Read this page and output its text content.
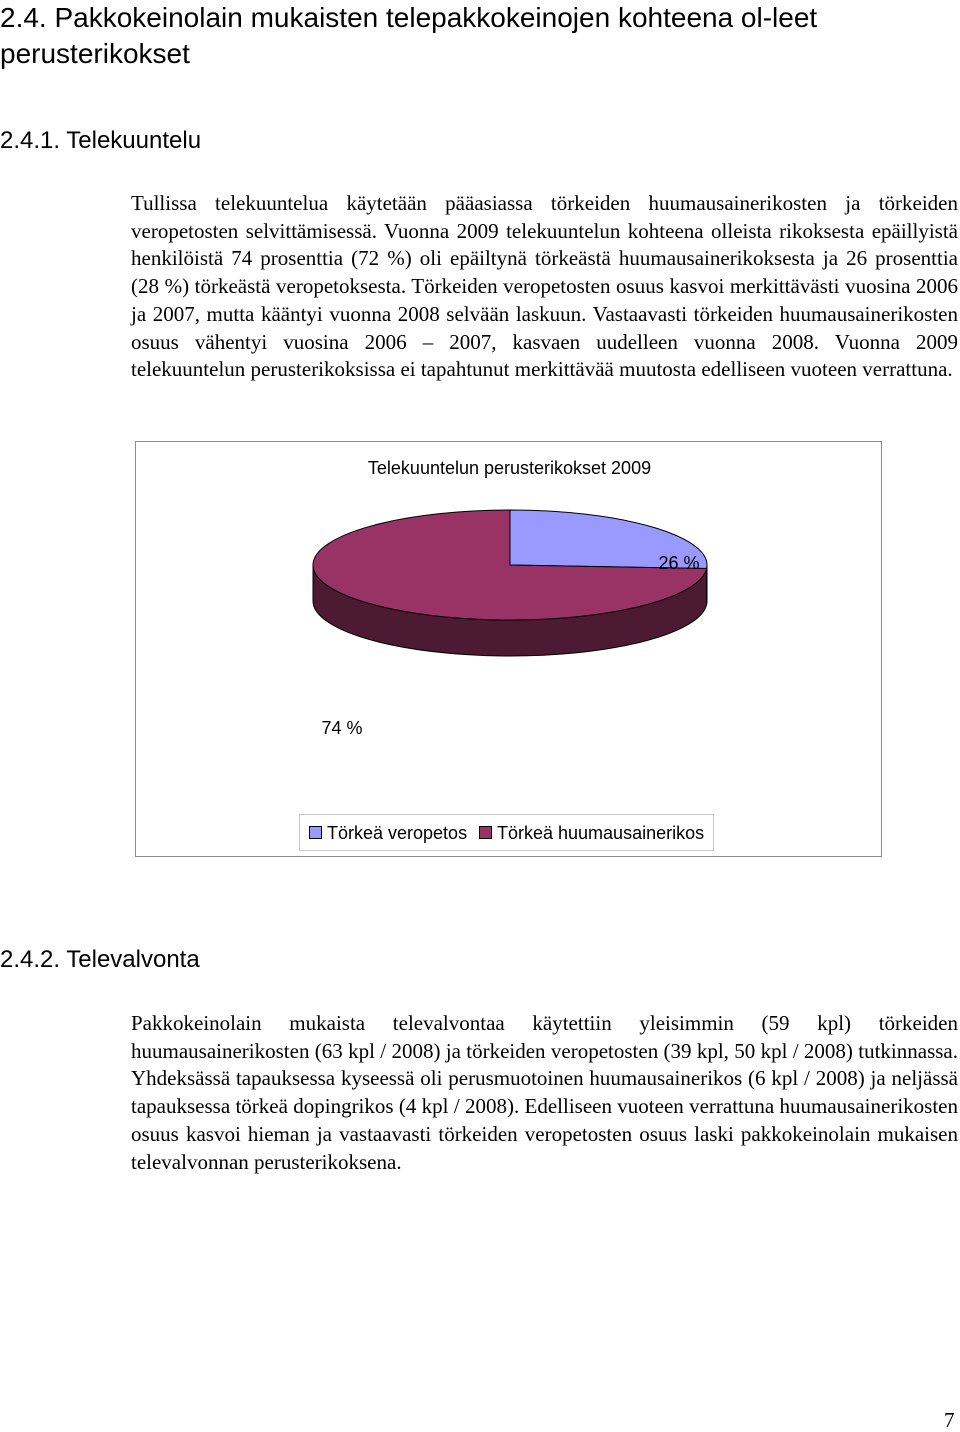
2.4. Pakkokeinolain mukaisten telepakkokeinojen kohteena ol-leet perusterikokset
2.4.1. Telekuuntelu

Tullissa telekuuntelua käytetään pääasiassa törkeiden huumausainerikosten ja törkeiden veropetosten selvittämisessä. Vuonna 2009 telekuuntelun kohteena olleista rikoksesta epäillyistä henkilöistä 74 prosenttia (72 %) oli epäiltynä törkeästä huumausainerikoksesta ja 26 prosenttia (28 %) törkeästä veropetoksesta. Törkeiden veropetosten osuus kasvoi merkittävästi vuosina 2006 ja 2007, mutta kääntyi vuonna 2008 selvään laskuun. Vastaavasti törkeiden huumausainerikosten osuus vähentyi vuosina 2006 – 2007, kasvaen uudelleen vuonna 2008. Vuonna 2009 telekuuntelun perusterikoksissa ei tapahtunut merkittävää muutosta edelliseen vuoteen verrattuna.

26 %
74 %
Telekuuntelun perusterikokset 2009
Törkeä veropetos	Törkeä huumausainerikos
2.4.2. Televalvonta

Pakkokeinolain mukaista televalvontaa käytettiin yleisimmin (59 kpl) törkeiden huumausainerikosten (63 kpl / 2008) ja törkeiden veropetosten (39 kpl, 50 kpl / 2008) tutkinnassa. Yhdeksässä tapauksessa kyseessä oli perusmuotoinen huumausainerikos (6 kpl / 2008) ja neljässä tapauksessa törkeä dopingrikos (4 kpl / 2008). Edelliseen vuoteen verrattuna huumausainerikosten osuus kasvoi hieman ja vastaavasti törkeiden veropetosten osuus laski pakkokeinolain mukaisen televalvonnan perusterikoksena.

7
